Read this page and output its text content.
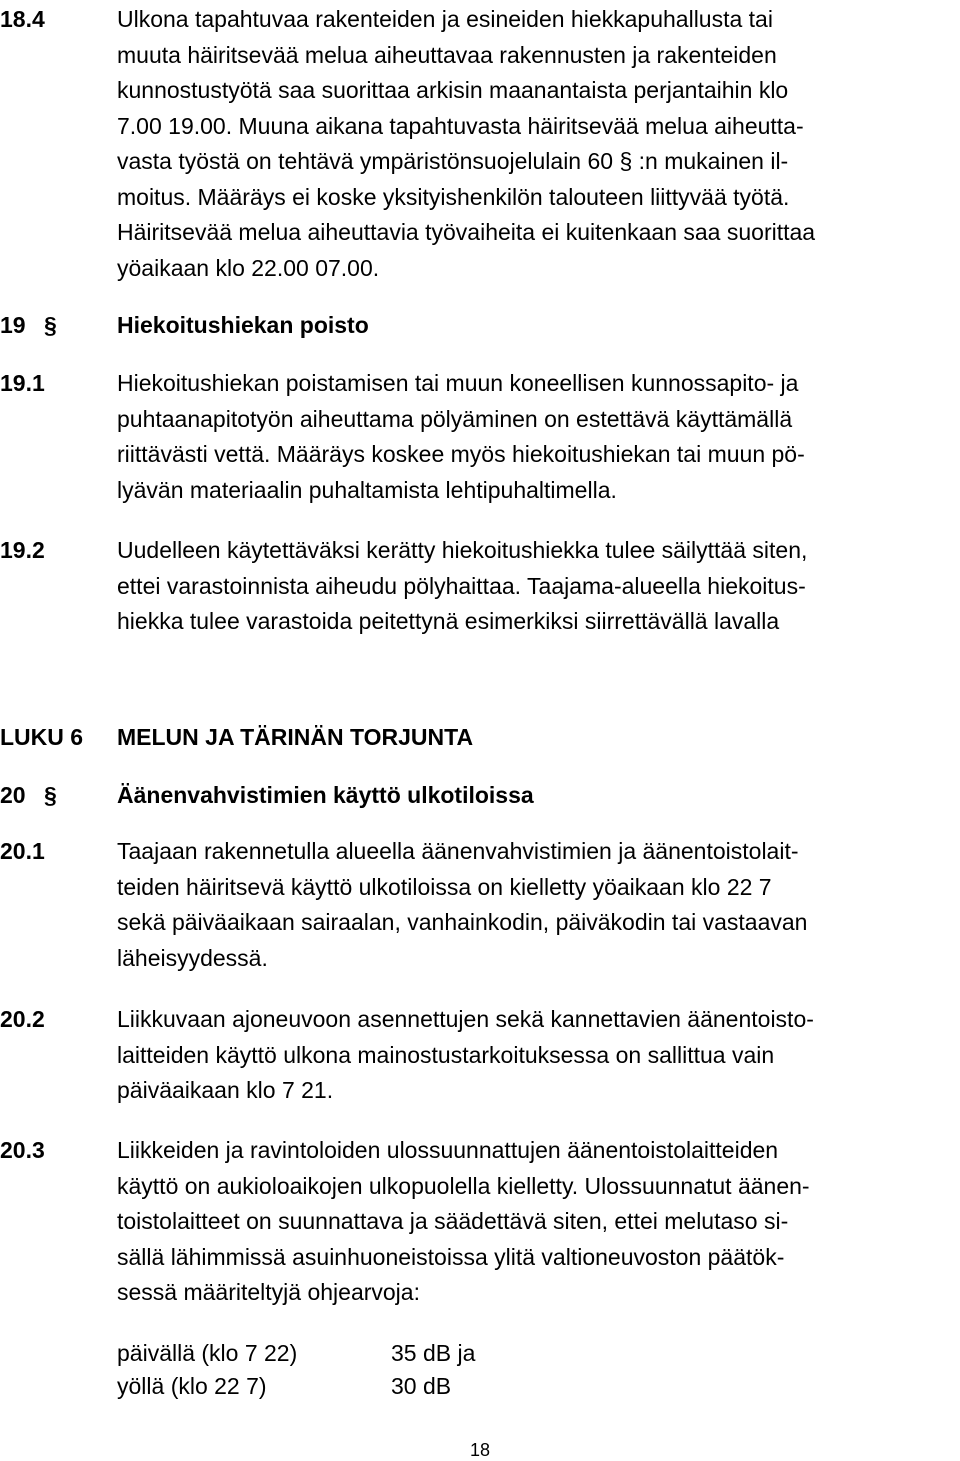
18.4	Ulkona tapahtuvaa rakenteiden ja esineiden hiekkapuhallusta tai
muuta häiritsevää melua aiheuttavaa rakennusten ja rakenteiden
kunnostustyötä saa suorittaa arkisin maanantaista perjantaihin klo
7.00 19.00. Muuna aikana tapahtuvasta häiritsevää melua aiheutta-
vasta työstä on tehtävä ympäristönsuojelulain 60 § :n mukainen il-
moitus. Määräys ei koske yksityishenkilön talouteen liittyvää työtä.
Häiritsevää melua aiheuttavia työvaiheita ei kuitenkaan saa suorittaa
yöaikaan klo 22.00 07.00.
19 §	Hiekoitushiekan poisto
19.1	Hiekoitushiekan poistamisen tai muun koneellisen kunnossapito- ja
puhtaanapitotyön aiheuttama pölyäminen on estettävä käyttämällä
riittävästi vettä. Määräys koskee myös hiekoitushiekan tai muun pö-
lyävän materiaalin puhaltamista lehtipuhaltimella.
19.2	Uudelleen käytettäväksi kerätty hiekoitushiekka tulee säilyttää siten,
ettei varastoinnista aiheudu pölyhaittaa. Taajama-alueella hiekoitus-
hiekka tulee varastoida peitettynä esimerkiksi siirrettävällä lavalla
LUKU 6 MELUN JA TÄRINÄN TORJUNTA
20 §	Äänenvahvistimien käyttö ulkotiloissa
20.1	Taajaan rakennetulla alueella äänenvahvistimien ja äänentoistolait-
teiden häiritsevä käyttö ulkotiloissa on kielletty yöaikaan klo 22 7
sekä päiväaikaan sairaalan, vanhainkodin, päiväkodin tai vastaavan
läheisyydessä.
20.2	Liikkuvaan ajoneuvoon asennettujen sekä kannettavien äänentoisto-
laitteiden käyttö ulkona mainostustarkoituksessa on sallittua vain
päiväaikaan klo 7 21.
20.3	Liikkeiden ja ravintoloiden ulossuunnattujen äänentoistolaitteiden
käyttö on aukioloaikojen ulkopuolella kielletty. Ulossuunnatut äänen-
toistolaitteet on suunnattava ja säädettävä siten, ettei melutaso si-
sällä lähimmissä asuinhuoneistoissa ylitä valtioneuvoston päätök-
sessä määriteltyjä ohjearvoja:
päivällä (klo 7 22)	35 dB ja
yöllä (klo 22 7)	30 dB
18
